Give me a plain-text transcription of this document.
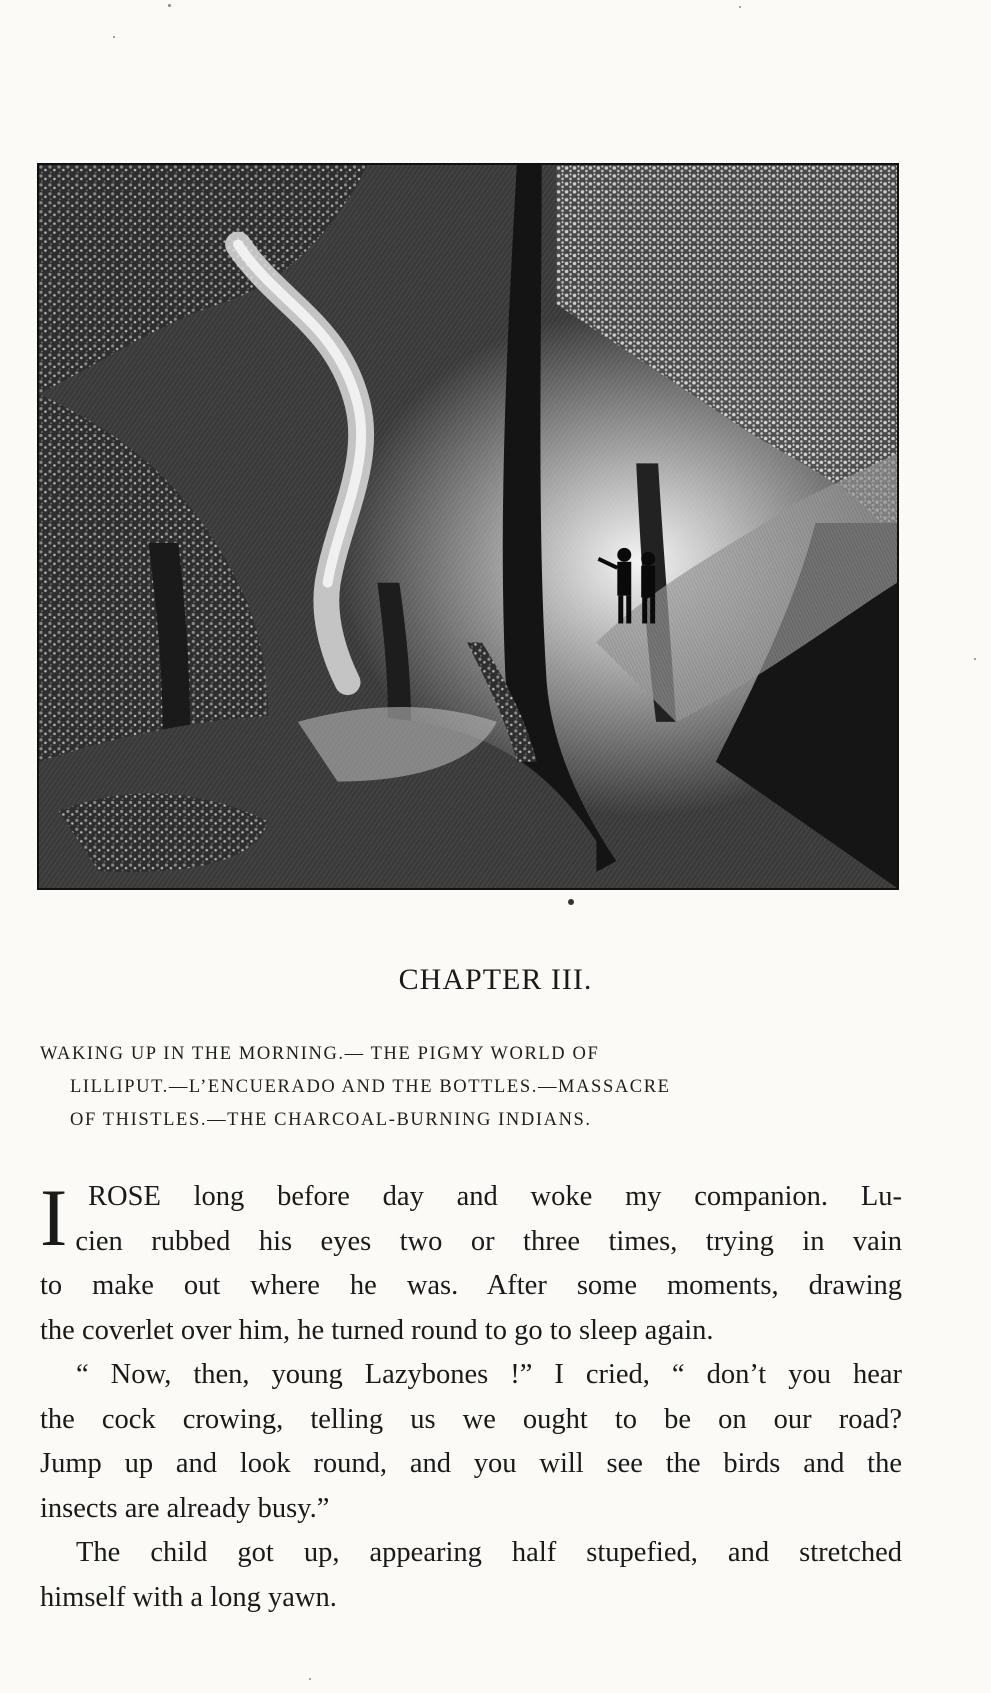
CHAPTER III.
WAKING UP IN THE MORNING.— THE PIGMY WORLD OF
LILLIPUT.—L’ENCUERADO AND THE BOTTLES.—MASSACRE
OF THISTLES.—THE CHARCOAL-BURNING INDIANS.
I ROSE long before day and woke my companion. Lu-
cien rubbed his eyes two or three times, trying in vain
to make out where he was. After some moments, drawing
the coverlet over him, he turned round to go to sleep again.
“ Now, then, young Lazybones !” I cried, “ don’t you hear
the cock crowing, telling us we ought to be on our road?
Jump up and look round, and you will see the birds and the
insects are already busy.”
The child got up, appearing half stupefied, and stretched
himself with a long yawn.
